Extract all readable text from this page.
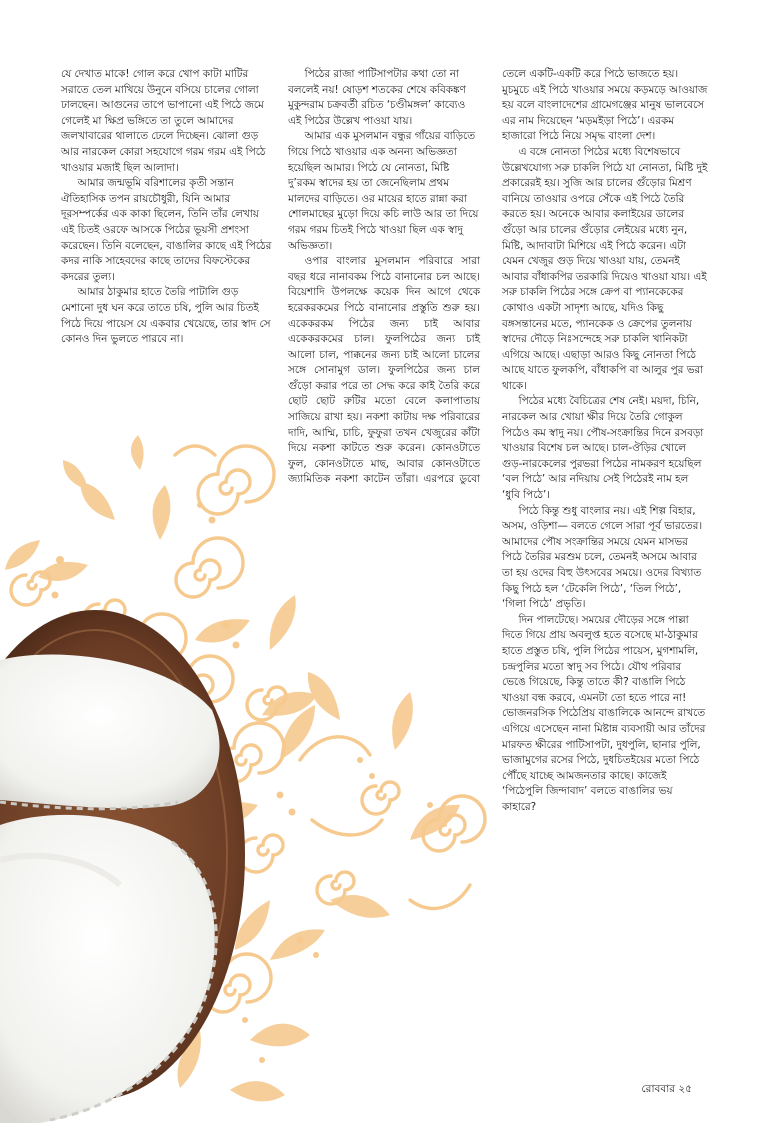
যে দেখাত মাকে! গোল করে খোপ কাটা মাটির সরাতে তেল মাখিয়ে উনুনে বসিয়ে চালের গোলা ঢালছেন। আগুনের তাপে ভাপানো এই পিঠে জমে গেলেই মা ক্ষিপ্র ভঙ্গিতে তা তুলে আমাদের জলখাবারের থালাতে ঢেলে দিচ্ছেন। ঝোলা গুড় আর নারকেল কোরা সহযোগে গরম গরম এই পিঠে খাওয়ার মজাই ছিল আলাদা।

আমার জন্মভূমি বরিশালের কৃতী সন্তান ঐতিহাসিক তপন রায়চৌধুরী, যিনি আমার দূরসম্পর্কের এক কাকা ছিলেন, তিনি তাঁর লেখায় এই চিতই ওরফে আসকে পিঠের ভূয়সী প্রশংসা করেছেন। তিনি বলেছেন, বাঙালির কাছে এই পিঠের কদর নাকি সাহেবদের কাছে তাদের বিফস্টেকের কদরের তুল্য।

আমার ঠাকুমার হাতে তৈরি পাটালি গুড় মেশানো দুধ ঘন করে তাতে চষি, পুলি আর চিতই পিঠে দিয়ে পায়েস যে একবার খেয়েছে, তার স্বাদ সে কোনও দিন ভুলতে পারবে না।

পিঠের রাজা পাটিসাপটার কথা তো না বললেই নয়! ষোড়শ শতকের শেষে কবিকঙ্কণ মুকুন্দরাম চক্রবর্তী রচিত ‘চণ্ডীমঙ্গল’ কাব্যেও এই পিঠের উল্লেখ পাওয়া যায়।

আমার এক মুসলমান বন্ধুর গাঁয়ের বাড়িতে গিয়ে পিঠে খাওয়ার এক অনন্য অভিজ্ঞতা হয়েছিল আমার। পিঠে যে নোনতা, মিষ্টি দু’রকম স্বাদের হয় তা জেনেছিলাম প্রথম মালদের বাড়িতে। ওর মায়ের হাতে রান্না করা শোলমাছের মুড়ো দিয়ে কচি লাউ আর তা দিয়ে গরম গরম চিতই পিঠে খাওয়া ছিল এক স্বাদু অভিজ্ঞতা।

ওপার বাংলার মুসলমান পরিবারে সারা বছর ধরে নানাবকম পিঠে বানানোর চল আছে। বিয়েশাদি উপলক্ষে কয়েক দিন আগে থেকে হরেকরকমের পিঠে বানানোর প্রস্তুতি শুরু হয়। একেকরকম পিঠের জন্য চাই আবার একেকরকমের চাল। ফুলপিঠের জন্য চাই আলো চাল, পাক্কনের জন্য চাই আলো চালের সঙ্গে সোনামুগ ডাল। ফুলপিঠের জন্য চাল গুঁড়ো করার পরে তা সেদ্ধ করে কাই তৈরি করে ছোট ছোট রুটির মতো বেলে কলাপাতায় সাজিয়ে রাখা হয়। নকশা কাটায় দক্ষ পরিবারের দাদি, আম্মি, চাচি, ফুফুরা তখন খেজুরের কাঁটা দিয়ে নকশা কাটতে শুরু করেন। কোনওটাতে ফুল, কোনওটাতে মাছ, আবার কোনওটাতে জ্যামিতিক নকশা কাটেন তাঁরা। এরপরে ডুবো

তেলে একটি-একটি করে পিঠে ভাজতে হয়। মুচমুচে এই পিঠে খাওয়ার সময়ে কড়মড়ে আওয়াজ হয় বলে বাংলাদেশের গ্রামেগঞ্জের মানুষ ভালবেসে এর নাম দিয়েছেন ‘মড়মইড়া পিঠে’। এরকম হাজারো পিঠে নিয়ে সমৃদ্ধ বাংলা দেশ।

এ বঙ্গে নোনতা পিঠের মধ্যে বিশেষভাবে উল্লেখযোগ্য সরু চাকলি পিঠে যা নোনতা, মিষ্টি দুই প্রকারেরই হয়। সুজি আর চালের গুঁড়োর মিশ্রণ বানিয়ে তাওয়ার ওপরে সেঁকে এই পিঠে তৈরি করতে হয়। অনেকে আবার কলাইয়ের ডালের গুঁড়ো আর চালের গুঁড়োর লেইয়ের মধ্যে নুন, মিষ্টি, আদাবাটা মিশিয়ে এই পিঠে করেন। এটা যেমন খেজুর গুড় দিয়ে খাওয়া যায়, তেমনই আবার বাঁধাকপির তরকারি দিয়েও খাওয়া যায়। এই সরু চাকলি পিঠের সঙ্গে ক্রেপ বা প্যানকেকের কোথাও একটা সাদৃশ্য আছে, যদিও কিছু বঙ্গসন্তানের মতে, প্যানকেক ও ক্রেপের তুলনায় স্বাদের দৌড়ে নিঃসন্দেহে সরু চাকলি খানিকটা এগিয়ে আছে। এছাড়া আরও কিছু নোনতা পিঠে আছে যাতে ফুলকপি, বাঁধাকপি বা আলুর পুর ভরা থাকে।

পিঠের মধ্যে বৈচিত্রের শেষ নেই। ময়দা, চিনি, নারকেল আর খোয়া ক্ষীর দিয়ে তৈরি গোকুল পিঠেও কম স্বাদু নয়। পৌষ-সংক্রান্তির দিনে রসবড়া খাওয়ার বিশেষ চল আছে। চাল-ঔড়ির খোলে গুড়-নারকেলের পুরভরা পিঠের নামকরণ হয়েছিল ‘বল পিঠে’ আর নদিয়ায় সেই পিঠেরই নাম হল ‘ধুবি পিঠে’।

পিঠে কিন্তু শুধু বাংলার নয়। এই শিল্প বিহার, অসম, ওড়িশা— বলতে গেলে সারা পূর্ব ভারতের। আমাদের পৌষ সংক্রান্তির সময়ে যেমন মাসভর পিঠে তৈরির মরশুম চলে, তেমনই অসমে আবার তা হয় ওদের বিহু উৎসবের সময়ে। ওদের বিখ্যাত কিছু পিঠে হল ‘টেকেলি পিঠে’, ‘তিল পিঠে’, ‘গিলা পিঠে’ প্রভৃতি।

দিন পালটেছে। সময়ের দৌড়ের সঙ্গে পাল্লা দিতে গিয়ে প্রায় অবলুপ্ত হতে বসেছে মা-ঠাকুমার হাতে প্রস্তুত চষি, পুলি পিঠের পায়েস, মুগশামলি, চন্দ্রপুলির মতো স্বাদু সব পিঠে। যৌথ পরিবার ভেঙে গিয়েছে, কিন্তু তাতে কী? বাঙালি পিঠে খাওয়া বন্ধ করবে, এমনটা তো হতে পারে না! ভোজনরসিক পিঠেপ্রিয় বাঙালিকে আনন্দে রাখতে এগিয়ে এসেছেন নানা মিষ্টান্ন ব্যবসায়ী আর তাঁদের মারফত ক্ষীরের পাটিসাপটা, দুধপুলি, ছানার পুলি, ভাজামুগের রসের পিঠে, দুধচিতইয়ের মতো পিঠে পৌঁছে যাচ্ছে আমজনতার কাছে। কাজেই ‘পিঠেপুলি জিন্দাবাদ’ বলতে বাঙালির ভয় কাহারে?

রোববার ২৫
